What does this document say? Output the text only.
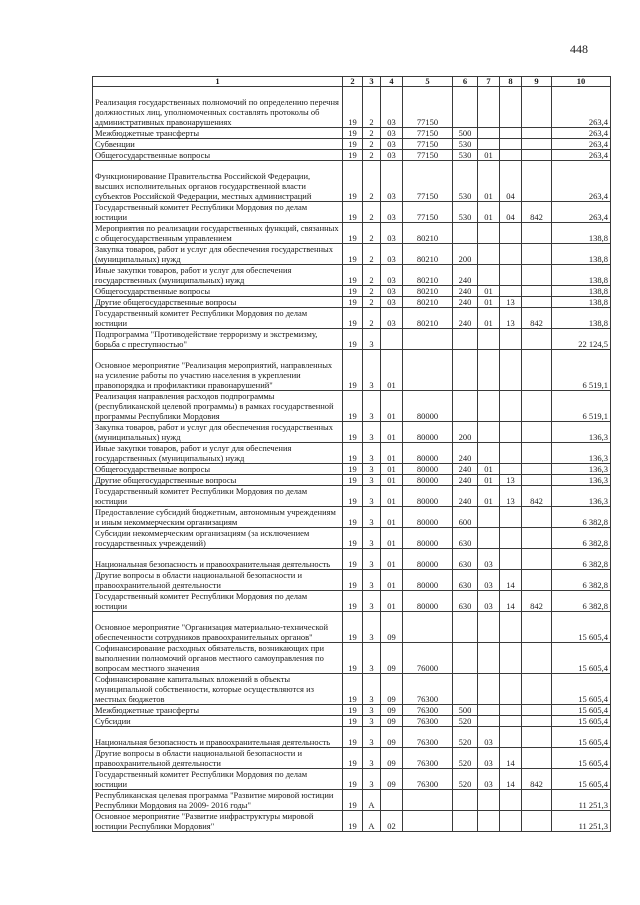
448
1	2	3	4	5	6	7	8	9	10
Реализация государственных полномочий по определению перечня должностных лиц, уполномоченных составлять протоколы об административных правонарушениях	19	2	03	77150					263,4
Межбюджетные трансферты	19	2	03	77150	500				263,4
Субвенции	19	2	03	77150	530				263,4
Общегосударственные вопросы	19	2	03	77150	530	01			263,4
Функционирование Правительства Российской Федерации, высших исполнительных органов государственной власти субъектов Российской Федерации, местных администраций	19	2	03	77150	530	01	04		263,4
Государственный комитет Республики Мордовия по делам юстиции	19	2	03	77150	530	01	04	842	263,4
Мероприятия по реализации государственных функций, связанных с общегосударственным управлением	19	2	03	80210					138,8
Закупка товаров, работ и услуг для обеспечения государственных (муниципальных) нужд	19	2	03	80210	200				138,8
Иные закупки товаров, работ и услуг для обеспечения государственных (муниципальных) нужд	19	2	03	80210	240				138,8
Общегосударственные вопросы	19	2	03	80210	240	01			138,8
Другие общегосударственные вопросы	19	2	03	80210	240	01	13		138,8
Государственный комитет Республики Мордовия по делам юстиции	19	2	03	80210	240	01	13	842	138,8
Подпрограмма "Противодействие терроризму и экстремизму, борьба с преступностью"	19	3							22 124,5
Основное мероприятие "Реализация мероприятий, направленных на усиление работы по участию населения в укреплении правопорядка и профилактики правонарушений"	19	3	01						6 519,1
Реализация направления расходов подпрограммы (республиканской целевой программы) в рамках государственной программы Республики Мордовия	19	3	01	80000					6 519,1
Закупка товаров, работ и услуг для обеспечения государственных (муниципальных) нужд	19	3	01	80000	200				136,3
Иные закупки товаров, работ и услуг для обеспечения государственных (муниципальных) нужд	19	3	01	80000	240				136,3
Общегосударственные вопросы	19	3	01	80000	240	01			136,3
Другие общегосударственные вопросы	19	3	01	80000	240	01	13		136,3
Государственный комитет Республики Мордовия по делам юстиции	19	3	01	80000	240	01	13	842	136,3
Предоставление субсидий бюджетным, автономным учреждениям и иным некоммерческим организациям	19	3	01	80000	600				6 382,8
Субсидии некоммерческим организациям (за исключением государственных учреждений)	19	3	01	80000	630				6 382,8
Национальная безопасность и правоохранительная деятельность	19	3	01	80000	630	03			6 382,8
Другие вопросы в области национальной безопасности и правоохранительной деятельности	19	3	01	80000	630	03	14		6 382,8
Государственный комитет Республики Мордовия по делам юстиции	19	3	01	80000	630	03	14	842	6 382,8
Основное мероприятие "Организация материально-технической обеспеченности сотрудников правоохранительных органов"	19	3	09						15 605,4
Софинансирование расходных обязательств, возникающих при выполнении полномочий органов местного самоуправления по вопросам местного значения	19	3	09	76000					15 605,4
Софинансирование капитальных вложений в объекты муниципальной собственности, которые осуществляются из местных бюджетов	19	3	09	76300					15 605,4
Межбюджетные трансферты	19	3	09	76300	500				15 605,4
Субсидии	19	3	09	76300	520				15 605,4
Национальная безопасность и правоохранительная деятельность	19	3	09	76300	520	03			15 605,4
Другие вопросы в области национальной безопасности и правоохранительной деятельности	19	3	09	76300	520	03	14		15 605,4
Государственный комитет Республики Мордовия по делам юстиции	19	3	09	76300	520	03	14	842	15 605,4
Республиканская целевая программа "Развитие мировой юстиции Республики Мордовия на 2009- 2016 годы"	19	А							11 251,3
Основное мероприятие "Развитие инфраструктуры мировой юстиции Республики Мордовия"	19	А	02						11 251,3
